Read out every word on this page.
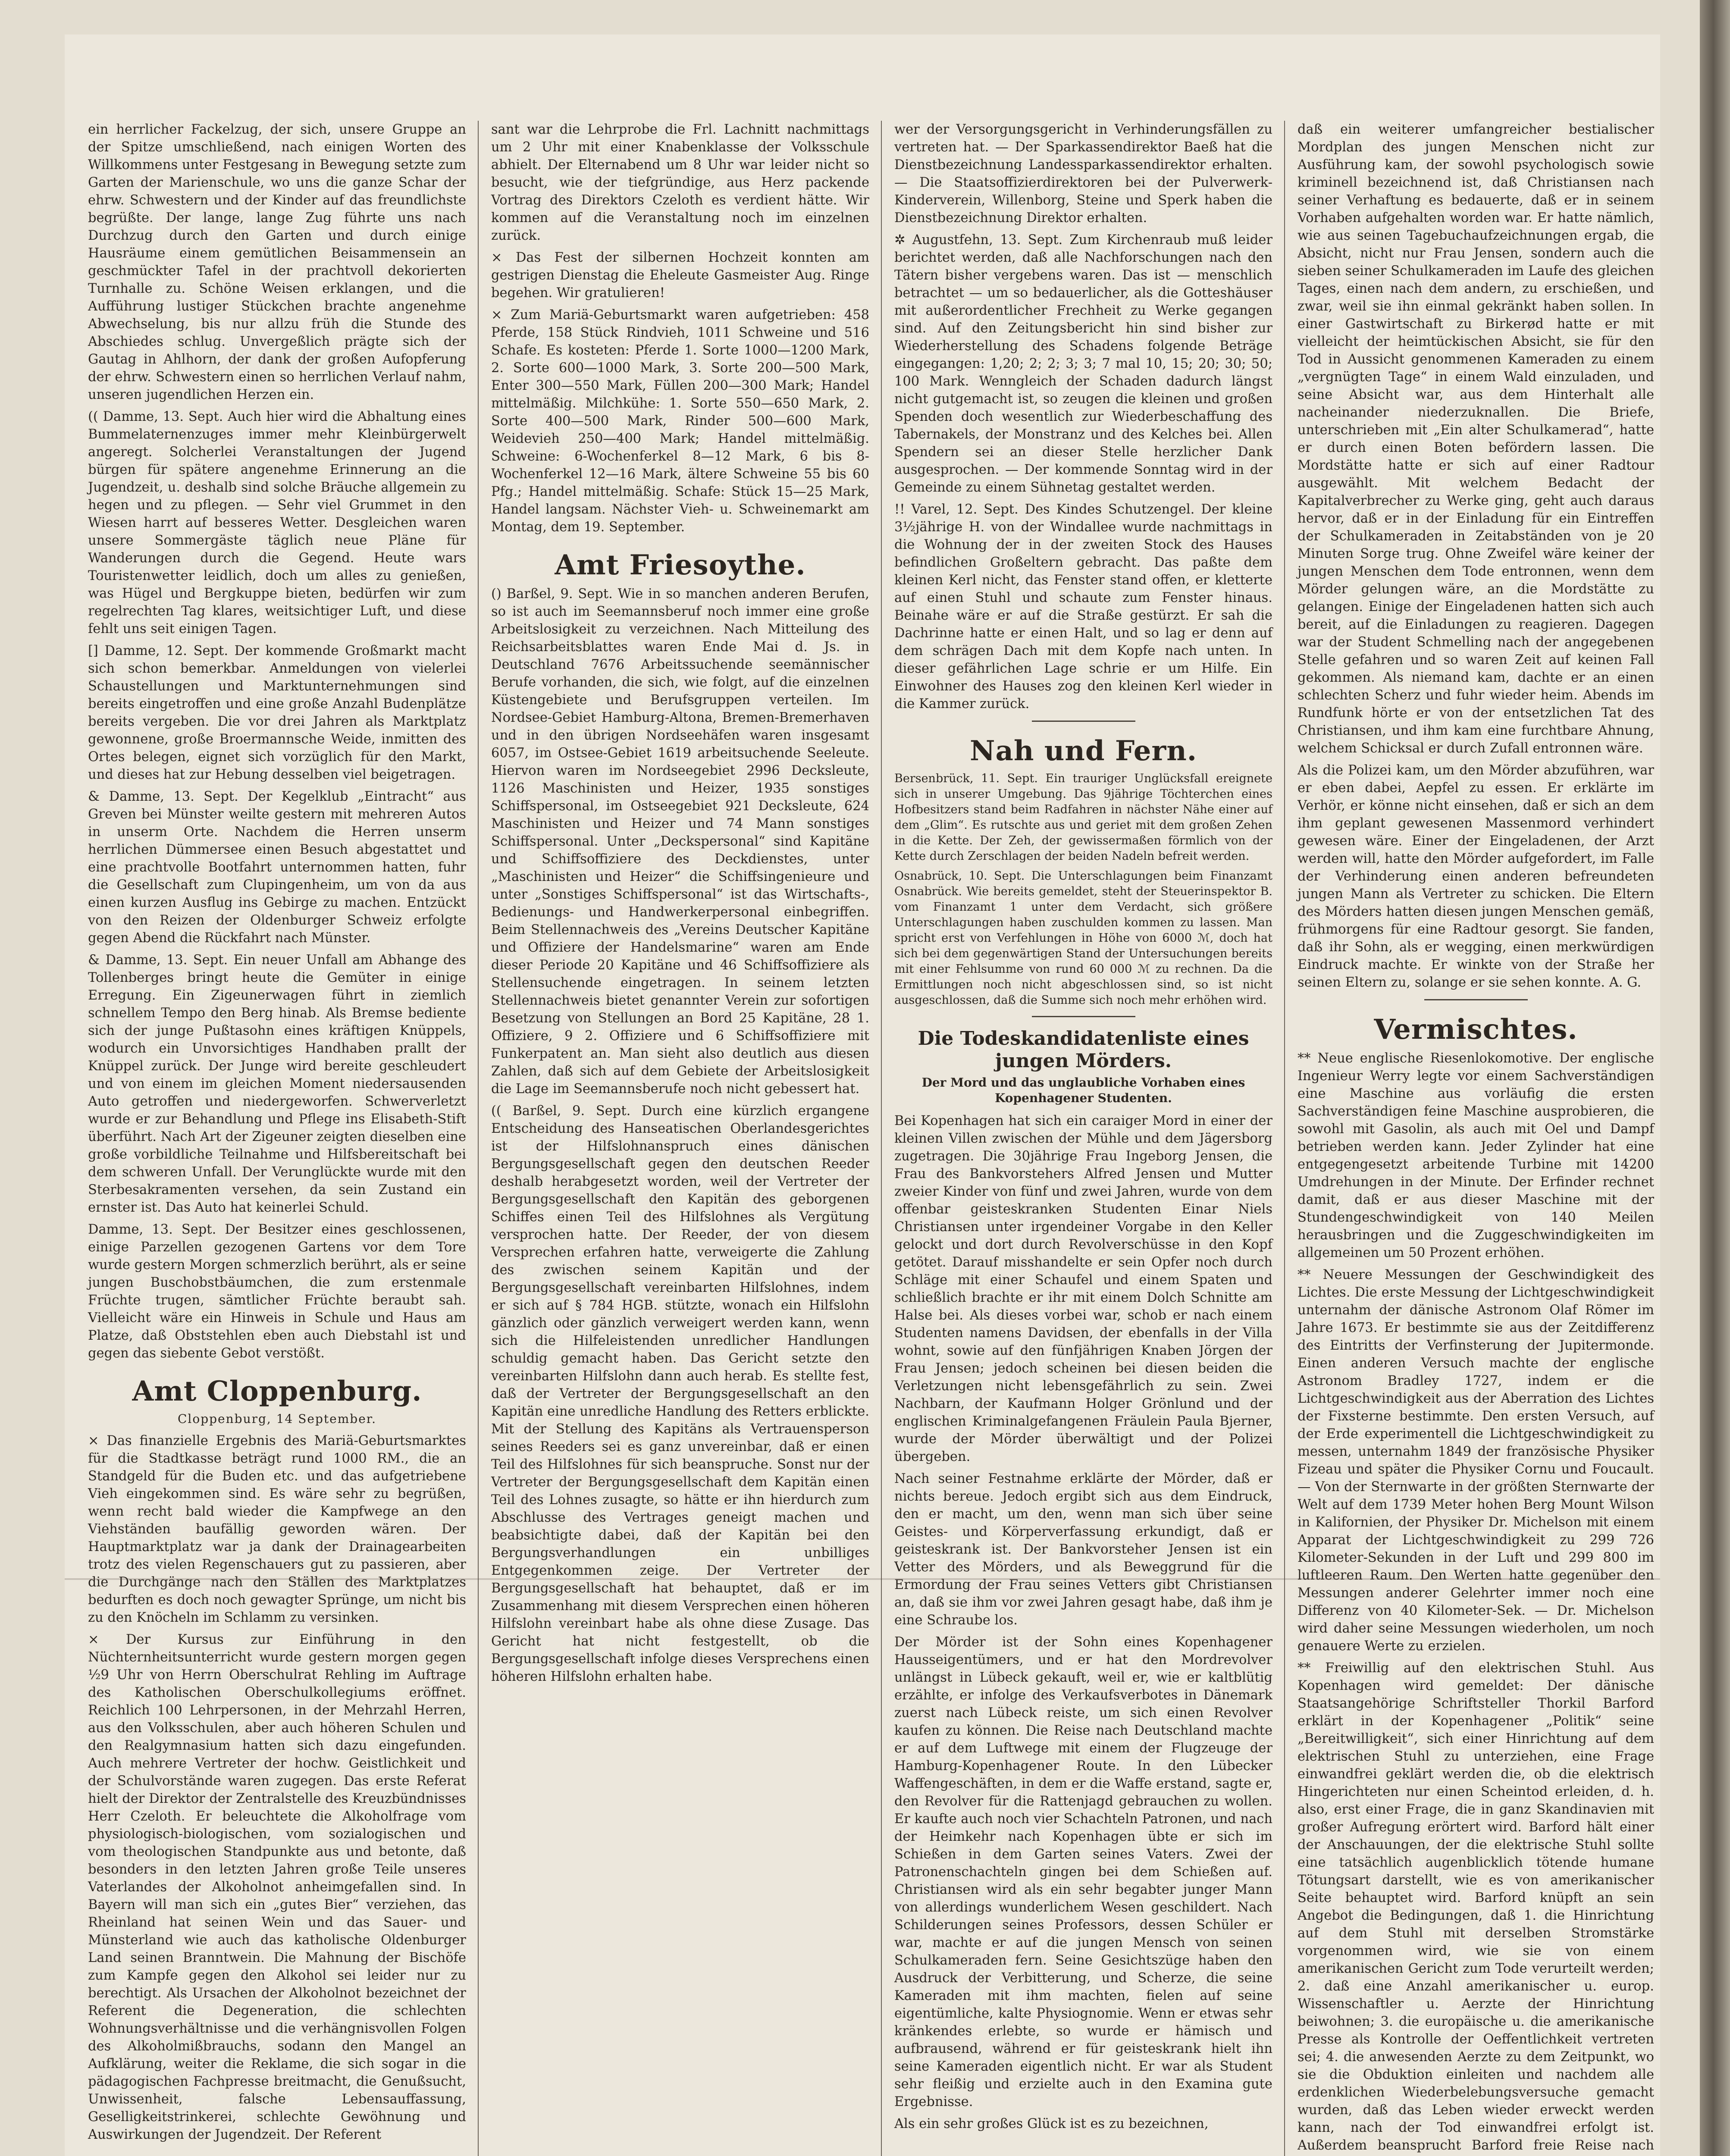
ein herrlicher Fackelzug, der sich, unsere Gruppe an der Spitze umschließend, nach einigen Worten des Willkommens unter Festgesang in Bewegung setzte zum Garten der Marienschule, wo uns die ganze Schar der ehrw. Schwestern und der Kinder auf das freundlichste begrüßte. Der lange, lange Zug führte uns nach Durchzug durch den Garten und durch einige Hausräume einem gemütlichen Beisammensein an geschmückter Tafel in der prachtvoll dekorierten Turnhalle zu. Schöne Weisen erklangen, und die Aufführung lustiger Stückchen brachte angenehme Abwechselung, bis nur allzu früh die Stunde des Abschiedes schlug. Unvergeßlich prägte sich der Gautag in Ahlhorn, der dank der großen Aufopferung der ehrw. Schwestern einen so herrlichen Verlauf nahm, unseren jugendlichen Herzen ein.

(( Damme, 13. Sept. Auch hier wird die Abhaltung eines Bummelaternenzuges immer mehr Kleinbürgerwelt angeregt. Solcherlei Veranstaltungen der Jugend bürgen für spätere angenehme Erinnerung an die Jugendzeit, u. deshalb sind solche Bräuche allgemein zu hegen und zu pflegen. — Sehr viel Grummet in den Wiesen harrt auf besseres Wetter. Desgleichen waren unsere Sommergäste täglich neue Pläne für Wanderungen durch die Gegend. Heute wars Touristenwetter leidlich, doch um alles zu genießen, was Hügel und Bergkuppe bieten, bedürfen wir zum regelrechten Tag klares, weitsichtiger Luft, und diese fehlt uns seit einigen Tagen.

[] Damme, 12. Sept. Der kommende Großmarkt macht sich schon bemerkbar. Anmeldungen von vielerlei Schaustellungen und Marktunternehmungen sind bereits eingetroffen und eine große Anzahl Budenplätze bereits vergeben. Die vor drei Jahren als Marktplatz gewonnene, große Broermannsche Weide, inmitten des Ortes belegen, eignet sich vorzüglich für den Markt, und dieses hat zur Hebung desselben viel beigetragen.

& Damme, 13. Sept. Der Kegelklub „Eintracht“ aus Greven bei Münster weilte gestern mit mehreren Autos in unserm Orte. Nachdem die Herren unserm herrlichen Dümmersee einen Besuch abgestattet und eine prachtvolle Bootfahrt unternommen hatten, fuhr die Gesellschaft zum Clupingenheim, um von da aus einen kurzen Ausflug ins Gebirge zu machen. Entzückt von den Reizen der Oldenburger Schweiz erfolgte gegen Abend die Rückfahrt nach Münster.

& Damme, 13. Sept. Ein neuer Unfall am Abhange des Tollenberges bringt heute die Gemüter in einige Erregung. Ein Zigeunerwagen führt in ziemlich schnellem Tempo den Berg hinab. Als Bremse bediente sich der junge Pußtasohn eines kräftigen Knüppels, wodurch ein Unvorsichtiges Handhaben prallt der Knüppel zurück. Der Junge wird bereite geschleudert und von einem im gleichen Moment niedersausenden Auto getroffen und niedergeworfen. Schwerverletzt wurde er zur Behandlung und Pflege ins Elisabeth-Stift überführt. Nach Art der Zigeuner zeigten dieselben eine große vorbildliche Teilnahme und Hilfsbereitschaft bei dem schweren Unfall. Der Verunglückte wurde mit den Sterbesakramenten versehen, da sein Zustand ein ernster ist. Das Auto hat keinerlei Schuld.

Damme, 13. Sept. Der Besitzer eines geschlossenen, einige Parzellen gezogenen Gartens vor dem Tore wurde gestern Morgen schmerzlich berührt, als er seine jungen Buschobstbäumchen, die zum erstenmale Früchte trugen, sämtlicher Früchte beraubt sah. Vielleicht wäre ein Hinweis in Schule und Haus am Platze, daß Obststehlen eben auch Diebstahl ist und gegen das siebente Gebot verstößt.

Amt Cloppenburg.
Cloppenburg, 14 September.

× Das finanzielle Ergebnis des Mariä-Geburtsmarktes für die Stadtkasse beträgt rund 1000 RM., die an Standgeld für die Buden etc. und das aufgetriebene Vieh eingekommen sind. Es wäre sehr zu begrüßen, wenn recht bald wieder die Kampfwege an den Viehständen baufällig geworden wären. Der Hauptmarktplatz war ja dank der Drainagearbeiten trotz des vielen Regenschauers gut zu passieren, aber die Durchgänge nach den Ställen des Marktplatzes bedurften es doch noch gewagter Sprünge, um nicht bis zu den Knöcheln im Schlamm zu versinken.

× Der Kursus zur Einführung in den Nüchternheitsunterricht wurde gestern morgen gegen ½9 Uhr von Herrn Oberschulrat Rehling im Auftrage des Katholischen Oberschulkollegiums eröffnet. Reichlich 100 Lehrpersonen, in der Mehrzahl Herren, aus den Volksschulen, aber auch höheren Schulen und den Realgymnasium hatten sich dazu eingefunden. Auch mehrere Vertreter der hochw. Geistlichkeit und der Schulvorstände waren zugegen. Das erste Referat hielt der Direktor der Zentralstelle des Kreuzbündnisses Herr Czeloth. Er beleuchtete die Alkoholfrage vom physiologisch-biologischen, vom sozialogischen und vom theologischen Standpunkte aus und betonte, daß besonders in den letzten Jahren große Teile unseres Vaterlandes der Alkoholnot anheimgefallen sind. In Bayern will man sich ein „gutes Bier“ verziehen, das Rheinland hat seinen Wein und das Sauer- und Münsterland wie auch das katholische Oldenburger Land seinen Branntwein. Die Mahnung der Bischöfe zum Kampfe gegen den Alkohol sei leider nur zu berechtigt. Als Ursachen der Alkoholnot bezeichnet der Referent die Degeneration, die schlechten Wohnungsverhältnisse und die verhängnisvollen Folgen des Alkoholmißbrauchs, sodann den Mangel an Aufklärung, weiter die Reklame, die sich sogar in die pädagogischen Fachpresse breitmacht, die Genußsucht, Unwissenheit, falsche Lebensauffassung, Geselligkeitstrinkerei, schlechte Gewöhnung und Auswirkungen der Jugendzeit. Der Referent

sant war die Lehrprobe die Frl. Lachnitt nachmittags um 2 Uhr mit einer Knabenklasse der Volksschule abhielt. Der Elternabend um 8 Uhr war leider nicht so besucht, wie der tiefgründige, aus Herz packende Vortrag des Direktors Czeloth es verdient hätte. Wir kommen auf die Veranstaltung noch im einzelnen zurück.

× Das Fest der silbernen Hochzeit konnten am gestrigen Dienstag die Eheleute Gasmeister Aug. Ringe begehen. Wir gratulieren!

× Zum Mariä-Geburtsmarkt waren aufgetrieben: 458 Pferde, 158 Stück Rindvieh, 1011 Schweine und 516 Schafe. Es kosteten: Pferde 1. Sorte 1000—1200 Mark, 2. Sorte 600—1000 Mark, 3. Sorte 200—500 Mark, Enter 300—550 Mark, Füllen 200—300 Mark; Handel mittelmäßig. Milchkühe: 1. Sorte 550—650 Mark, 2. Sorte 400—500 Mark, Rinder 500—600 Mark, Weidevieh 250—400 Mark; Handel mittelmäßig. Schweine: 6-Wochenferkel 8—12 Mark, 6 bis 8-Wochenferkel 12—16 Mark, ältere Schweine 55 bis 60 Pfg.; Handel mittelmäßig. Schafe: Stück 15—25 Mark, Handel langsam. Nächster Vieh- u. Schweinemarkt am Montag, dem 19. September.

Amt Friesoythe.

() Barßel, 9. Sept. Wie in so manchen anderen Berufen, so ist auch im Seemannsberuf noch immer eine große Arbeitslosigkeit zu verzeichnen. Nach Mitteilung des Reichsarbeitsblattes waren Ende Mai d. Js. in Deutschland 7676 Arbeitssuchende seemännischer Berufe vorhanden, die sich, wie folgt, auf die einzelnen Küstengebiete und Berufsgruppen verteilen. Im Nordsee-Gebiet Hamburg-Altona, Bremen-Bremerhaven und in den übrigen Nordseehäfen waren insgesamt 6057, im Ostsee-Gebiet 1619 arbeitsuchende Seeleute. Hiervon waren im Nordseegebiet 2996 Decksleute, 1126 Maschinisten und Heizer, 1935 sonstiges Schiffspersonal, im Ostseegebiet 921 Decksleute, 624 Maschinisten und Heizer und 74 Mann sonstiges Schiffspersonal. Unter „Deckspersonal“ sind Kapitäne und Schiffsoffiziere des Deckdienstes, unter „Maschinisten und Heizer“ die Schiffsingenieure und unter „Sonstiges Schiffspersonal“ ist das Wirtschafts-, Bedienungs- und Handwerkerpersonal einbegriffen. Beim Stellennachweis des „Vereins Deutscher Kapitäne und Offiziere der Handelsmarine“ waren am Ende dieser Periode 20 Kapitäne und 46 Schiffsoffiziere als Stellensuchende eingetragen. In seinem letzten Stellennachweis bietet genannter Verein zur sofortigen Besetzung von Stellungen an Bord 25 Kapitäne, 28 1. Offiziere, 9 2. Offiziere und 6 Schiffsoffiziere mit Funkerpatent an. Man sieht also deutlich aus diesen Zahlen, daß sich auf dem Gebiete der Arbeitslosigkeit die Lage im Seemannsberufe noch nicht gebessert hat.

(( Barßel, 9. Sept. Durch eine kürzlich ergangene Entscheidung des Hanseatischen Oberlandesgerichtes ist der Hilfslohnanspruch eines dänischen Bergungsgesellschaft gegen den deutschen Reeder deshalb herabgesetzt worden, weil der Vertreter der Bergungsgesellschaft den Kapitän des geborgenen Schiffes einen Teil des Hilfslohnes als Vergütung versprochen hatte. Der Reeder, der von diesem Versprechen erfahren hatte, verweigerte die Zahlung des zwischen seinem Kapitän und der Bergungsgesellschaft vereinbarten Hilfslohnes, indem er sich auf § 784 HGB. stützte, wonach ein Hilfslohn gänzlich oder gänzlich verweigert werden kann, wenn sich die Hilfeleistenden unredlicher Handlungen schuldig gemacht haben. Das Gericht setzte den vereinbarten Hilfslohn dann auch herab. Es stellte fest, daß der Vertreter der Bergungsgesellschaft an den Kapitän eine unredliche Handlung des Retters erblickte. Mit der Stellung des Kapitäns als Vertrauensperson seines Reeders sei es ganz unvereinbar, daß er einen Teil des Hilfslohnes für sich beanspruche. Sonst nur der Vertreter der Bergungsgesellschaft dem Kapitän einen Teil des Lohnes zusagte, so hätte er ihn hierdurch zum Abschlusse des Vertrages geneigt machen und beabsichtigte dabei, daß der Kapitän bei den Bergungsverhandlungen ein unbilliges Entgegenkommen zeige. Der Vertreter der Bergungsgesellschaft hat behauptet, daß er im Zusammenhang mit diesem Versprechen einen höheren Hilfslohn vereinbart habe als ohne diese Zusage. Das Gericht hat nicht festgestellt, ob die Bergungsgesellschaft infolge dieses Versprechens einen höheren Hilfslohn erhalten habe.

wer der Versorgungsgericht in Verhinderungsfällen zu vertreten hat. — Der Sparkassendirektor Baeß hat die Dienstbezeichnung Landessparkassendirektor erhalten. — Die Staatsoffizierdirektoren bei der Pulverwerk-Kinderverein, Willenborg, Steine und Sperk haben die Dienstbezeichnung Direktor erhalten.

✲ Augustfehn, 13. Sept. Zum Kirchenraub muß leider berichtet werden, daß alle Nachforschungen nach den Tätern bisher vergebens waren. Das ist — menschlich betrachtet — um so bedauerlicher, als die Gotteshäuser mit außerordentlicher Frechheit zu Werke gegangen sind. Auf den Zeitungsbericht hin sind bisher zur Wiederherstellung des Schadens folgende Beträge eingegangen: 1,20; 2; 2; 3; 3; 7 mal 10, 15; 20; 30; 50; 100 Mark. Wenngleich der Schaden dadurch längst nicht gutgemacht ist, so zeugen die kleinen und großen Spenden doch wesentlich zur Wiederbeschaffung des Tabernakels, der Monstranz und des Kelches bei. Allen Spendern sei an dieser Stelle herzlicher Dank ausgesprochen. — Der kommende Sonntag wird in der Gemeinde zu einem Sühnetag gestaltet werden.

!! Varel, 12. Sept. Des Kindes Schutzengel. Der kleine 3½jährige H. von der Windallee wurde nachmittags in die Wohnung der in der zweiten Stock des Hauses befindlichen Großeltern gebracht. Das paßte dem kleinen Kerl nicht, das Fenster stand offen, er kletterte auf einen Stuhl und schaute zum Fenster hinaus. Beinahe wäre er auf die Straße gestürzt. Er sah die Dachrinne hatte er einen Halt, und so lag er denn auf dem schrägen Dach mit dem Kopfe nach unten. In dieser gefährlichen Lage schrie er um Hilfe. Ein Einwohner des Hauses zog den kleinen Kerl wieder in die Kammer zurück.

Nah und Fern.

Bersenbrück, 11. Sept. Ein trauriger Unglücksfall ereignete sich in unserer Umgebung. Das 9jährige Töchterchen eines Hofbesitzers stand beim Radfahren in nächster Nähe einer auf dem „Glim“. Es rutschte aus und geriet mit dem großen Zehen in die Kette. Der Zeh, der gewissermaßen förmlich von der Kette durch Zerschlagen der beiden Nadeln befreit werden.

Osnabrück, 10. Sept. Die Unterschlagungen beim Finanzamt Osnabrück. Wie bereits gemeldet, steht der Steuerinspektor B. vom Finanzamt 1 unter dem Verdacht, sich größere Unterschlagungen haben zuschulden kommen zu lassen. Man spricht erst von Verfehlungen in Höhe von 6000 ℳ, doch hat sich bei dem gegenwärtigen Stand der Untersuchungen bereits mit einer Fehlsumme von rund 60 000 ℳ zu rechnen. Da die Ermittlungen noch nicht abgeschlossen sind, so ist nicht ausgeschlossen, daß die Summe sich noch mehr erhöhen wird.

Die Todeskandidatenliste eines jungen Mörders.
Der Mord und das unglaubliche Vorhaben eines Kopenhagener Studenten.

Bei Kopenhagen hat sich ein caraiger Mord in einer der kleinen Villen zwischen der Mühle und dem Jägersborg zugetragen. Die 30jährige Frau Ingeborg Jensen, die Frau des Bankvorstehers Alfred Jensen und Mutter zweier Kinder von fünf und zwei Jahren, wurde von dem offenbar geisteskranken Studenten Einar Niels Christiansen unter irgendeiner Vorgabe in den Keller gelockt und dort durch Revolverschüsse in den Kopf getötet. Darauf misshandelte er sein Opfer noch durch Schläge mit einer Schaufel und einem Spaten und schließlich brachte er ihr mit einem Dolch Schnitte am Halse bei. Als dieses vorbei war, schob er nach einem Studenten namens Davidsen, der ebenfalls in der Villa wohnt, sowie auf den fünfjährigen Knaben Jörgen der Frau Jensen; jedoch scheinen bei diesen beiden die Verletzungen nicht lebensgefährlich zu sein. Zwei Nachbarn, der Kaufmann Holger Grönlund und der englischen Kriminalgefangenen Fräulein Paula Bjerner, wurde der Mörder überwältigt und der Polizei übergeben.

Nach seiner Festnahme erklärte der Mörder, daß er nichts bereue. Jedoch ergibt sich aus dem Eindruck, den er macht, um den, wenn man sich über seine Geistes- und Körperverfassung erkundigt, daß er geisteskrank ist. Der Bankvorsteher Jensen ist ein Vetter des Mörders, und als Beweggrund für die Ermordung der Frau seines Vetters gibt Christiansen an, daß sie ihm vor zwei Jahren gesagt habe, daß ihm je eine Schraube los.

Der Mörder ist der Sohn eines Kopenhagener Hausseigentümers, und er hat den Mordrevolver unlängst in Lübeck gekauft, weil er, wie er kaltblütig erzählte, er infolge des Verkaufsverbotes in Dänemark zuerst nach Lübeck reiste, um sich einen Revolver kaufen zu können. Die Reise nach Deutschland machte er auf dem Luftwege mit einem der Flugzeuge der Hamburg-Kopenhagener Route. In den Lübecker Waffengeschäften, in dem er die Waffe erstand, sagte er, den Revolver für die Rattenjagd gebrauchen zu wollen. Er kaufte auch noch vier Schachteln Patronen, und nach der Heimkehr nach Kopenhagen übte er sich im Schießen in dem Garten seines Vaters. Zwei der Patronenschachteln gingen bei dem Schießen auf. Christiansen wird als ein sehr begabter junger Mann von allerdings wunderlichem Wesen geschildert. Nach Schilderungen seines Professors, dessen Schüler er war, machte er auf die jungen Mensch von seinen Schulkameraden fern. Seine Gesichtszüge haben den Ausdruck der Verbitterung, und Scherze, die seine Kameraden mit ihm machten, fielen auf seine eigentümliche, kalte Physiognomie. Wenn er etwas sehr kränkendes erlebte, so wurde er hämisch und aufbrausend, während er für geisteskrank hielt ihn seine Kameraden eigentlich nicht. Er war als Student sehr fleißig und erzielte auch in den Examina gute Ergebnisse.

Als ein sehr großes Glück ist es zu bezeichnen,

daß ein weiterer umfangreicher bestialischer Mordplan des jungen Menschen nicht zur Ausführung kam, der sowohl psychologisch sowie kriminell bezeichnend ist, daß Christiansen nach seiner Verhaftung es bedauerte, daß er in seinem Vorhaben aufgehalten worden war. Er hatte nämlich, wie aus seinen Tagebuchaufzeichnungen ergab, die Absicht, nicht nur Frau Jensen, sondern auch die sieben seiner Schulkameraden im Laufe des gleichen Tages, einen nach dem andern, zu erschießen, und zwar, weil sie ihn einmal gekränkt haben sollen. In einer Gastwirtschaft zu Birkerød hatte er mit vielleicht der heimtückischen Absicht, sie für den Tod in Aussicht genommenen Kameraden zu einem „vergnügten Tage“ in einem Wald einzuladen, und seine Absicht war, aus dem Hinterhalt alle nacheinander niederzuknallen. Die Briefe, unterschrieben mit „Ein alter Schulkamerad“, hatte er durch einen Boten befördern lassen. Die Mordstätte hatte er sich auf einer Radtour ausgewählt. Mit welchem Bedacht der Kapitalverbrecher zu Werke ging, geht auch daraus hervor, daß er in der Einladung für ein Eintreffen der Schulkameraden in Zeitabständen von je 20 Minuten Sorge trug. Ohne Zweifel wäre keiner der jungen Menschen dem Tode entronnen, wenn dem Mörder gelungen wäre, an die Mordstätte zu gelangen. Einige der Eingeladenen hatten sich auch bereit, auf die Einladungen zu reagieren. Dagegen war der Student Schmelling nach der angegebenen Stelle gefahren und so waren Zeit auf keinen Fall gekommen. Als niemand kam, dachte er an einen schlechten Scherz und fuhr wieder heim. Abends im Rundfunk hörte er von der entsetzlichen Tat des Christiansen, und ihm kam eine furchtbare Ahnung, welchem Schicksal er durch Zufall entronnen wäre.

Als die Polizei kam, um den Mörder abzuführen, war er eben dabei, Aepfel zu essen. Er erklärte im Verhör, er könne nicht einsehen, daß er sich an dem ihm geplant gewesenen Massenmord verhindert gewesen wäre. Einer der Eingeladenen, der Arzt werden will, hatte den Mörder aufgefordert, im Falle der Verhinderung einen anderen befreundeten jungen Mann als Vertreter zu schicken. Die Eltern des Mörders hatten diesen jungen Menschen gemäß, frühmorgens für eine Radtour gesorgt. Sie fanden, daß ihr Sohn, als er wegging, einen merkwürdigen Eindruck machte. Er winkte von der Straße her seinen Eltern zu, solange er sie sehen konnte. A. G.

Vermischtes.

** Neue englische Riesenlokomotive. Der englische Ingenieur Werry legte vor einem Sachverständigen eine Maschine aus vorläufig die ersten Sachverständigen feine Maschine ausprobieren, die sowohl mit Gasolin, als auch mit Oel und Dampf betrieben werden kann. Jeder Zylinder hat eine entgegengesetzt arbeitende Turbine mit 14200 Umdrehungen in der Minute. Der Erfinder rechnet damit, daß er aus dieser Maschine mit der Stundengeschwindigkeit von 140 Meilen herausbringen und die Zuggeschwindigkeiten im allgemeinen um 50 Prozent erhöhen.

** Neuere Messungen der Geschwindigkeit des Lichtes. Die erste Messung der Lichtgeschwindigkeit unternahm der dänische Astronom Olaf Römer im Jahre 1673. Er bestimmte sie aus der Zeitdifferenz des Eintritts der Verfinsterung der Jupitermonde. Einen anderen Versuch machte der englische Astronom Bradley 1727, indem er die Lichtgeschwindigkeit aus der Aberration des Lichtes der Fixsterne bestimmte. Den ersten Versuch, auf der Erde experimentell die Lichtgeschwindigkeit zu messen, unternahm 1849 der französische Physiker Fizeau und später die Physiker Cornu und Foucault. — Von der Sternwarte in der größten Sternwarte der Welt auf dem 1739 Meter hohen Berg Mount Wilson in Kalifornien, der Physiker Dr. Michelson mit einem Apparat der Lichtgeschwindigkeit zu 299 726 Kilometer-Sekunden in der Luft und 299 800 im luftleeren Raum. Den Werten hatte gegenüber den Messungen anderer Gelehrter immer noch eine Differenz von 40 Kilometer-Sek. — Dr. Michelson wird daher seine Messungen wiederholen, um noch genauere Werte zu erzielen.

** Freiwillig auf den elektrischen Stuhl. Aus Kopenhagen wird gemeldet: Der dänische Staatsangehörige Schriftsteller Thorkil Barford erklärt in der Kopenhagener „Politik“ seine „Bereitwilligkeit“, sich einer Hinrichtung auf dem elektrischen Stuhl zu unterziehen, eine Frage einwandfrei geklärt werden die, ob die elektrisch Hingerichteten nur einen Scheintod erleiden, d. h. also, erst einer Frage, die in ganz Skandinavien mit großer Aufregung erörtert wird. Barford hält einer der Anschauungen, der die elektrische Stuhl sollte eine tatsächlich augenblicklich tötende humane Tötungsart darstellt, wie es von amerikanischer Seite behauptet wird. Barford knüpft an sein Angebot die Bedingungen, daß 1. die Hinrichtung auf dem Stuhl mit derselben Stromstärke vorgenommen wird, wie sie von einem amerikanischen Gericht zum Tode verurteilt werden; 2. daß eine Anzahl amerikanischer u. europ. Wissenschaftler u. Aerzte der Hinrichtung beiwohnen; 3. die europäische u. die amerikanische Presse als Kontrolle der Oeffentlichkeit vertreten sei; 4. die anwesenden Aerzte zu dem Zeitpunkt, wo sie die Obduktion einleiten und nachdem alle erdenklichen Wiederbelebungsversuche gemacht wurden, daß das Leben wieder erweckt werden kann, nach der Tod einwandfrei erfolgt ist. Außerdem beansprucht Barford freie Reise nach
